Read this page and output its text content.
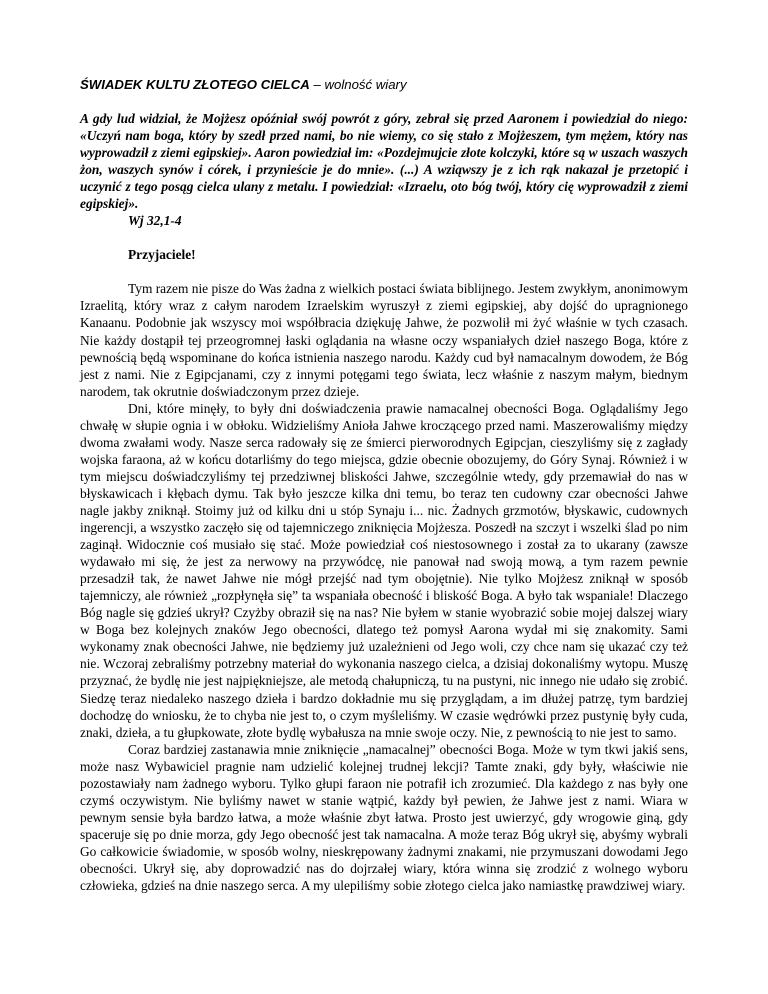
ŚWIADEK KULTU ZŁOTEGO CIELCA – wolność wiary

A gdy lud widział, że Mojżesz opóźniał swój powrót z góry, zebrał się przed Aaronem i powiedział do niego: «Uczyń nam boga, który by szedł przed nami, bo nie wiemy, co się stało z Mojżeszem, tym mężem, który nas wyprowadził z ziemi egipskiej». Aaron powiedział im: «Pozdejmujcie złote kolczyki, które są w uszach waszych żon, waszych synów i córek, i przynieście je do mnie». (...) A wziąwszy je z ich rąk nakazał je przetopić i uczynić z tego posąg cielca ulany z metalu. I powiedział: «Izraelu, oto bóg twój, który cię wyprowadził z ziemi egipskiej».

Wj 32,1-4

Przyjaciele!

Tym razem nie pisze do Was żadna z wielkich postaci świata biblijnego. Jestem zwykłym, anonimowym Izraelitą, który wraz z całym narodem Izraelskim wyruszył z ziemi egipskiej, aby dojść do upragnionego Kanaanu. Podobnie jak wszyscy moi współbracia dziękuję Jahwe, że pozwolił mi żyć właśnie w tych czasach. Nie każdy dostąpił tej przeogromnej łaski oglądania na własne oczy wspaniałych dzieł naszego Boga, które z pewnością będą wspominane do końca istnienia naszego narodu. Każdy cud był namacalnym dowodem, że Bóg jest z nami. Nie z Egipcjanami, czy z innymi potęgami tego świata, lecz właśnie z naszym małym, biednym narodem, tak okrutnie doświadczonym przez dzieje.

Dni, które minęły, to były dni doświadczenia prawie namacalnej obecności Boga. Oglądaliśmy Jego chwałę w słupie ognia i w obłoku. Widzieliśmy Anioła Jahwe kroczącego przed nami. Maszerowaliśmy między dwoma zwałami wody. Nasze serca radowały się ze śmierci pierworodnych Egipcjan, cieszyliśmy się z zagłady wojska faraona, aż w końcu dotarliśmy do tego miejsca, gdzie obecnie obozujemy, do Góry Synaj. Również i w tym miejscu doświadczyliśmy tej przedziwnej bliskości Jahwe, szczególnie wtedy, gdy przemawiał do nas w błyskawicach i kłębach dymu. Tak było jeszcze kilka dni temu, bo teraz ten cudowny czar obecności Jahwe nagle jakby zniknął. Stoimy już od kilku dni u stóp Synaju i... nic. Żadnych grzmotów, błyskawic, cudownych ingerencji, a wszystko zaczęło się od tajemniczego zniknięcia Mojżesza. Poszedł na szczyt i wszelki ślad po nim zaginął. Widocznie coś musiało się stać. Może powiedział coś niestosownego i został za to ukarany (zawsze wydawało mi się, że jest za nerwowy na przywódcę, nie panował nad swoją mową, a tym razem pewnie przesadził tak, że nawet Jahwe nie mógł przejść nad tym obojętnie). Nie tylko Mojżesz zniknął w sposób tajemniczy, ale również „rozpłynęła się” ta wspaniała obecność i bliskość Boga. A było tak wspaniale! Dlaczego Bóg nagle się gdzieś ukrył? Czyżby obraził się na nas? Nie byłem w stanie wyobrazić sobie mojej dalszej wiary w Boga bez kolejnych znaków Jego obecności, dlatego też pomysł Aarona wydał mi się znakomity. Sami wykonamy znak obecności Jahwe, nie będziemy już uzależnieni od Jego woli, czy chce nam się ukazać czy też nie. Wczoraj zebraliśmy potrzebny materiał do wykonania naszego cielca, a dzisiaj dokonaliśmy wytopu. Muszę przyznać, że bydlę nie jest najpiękniejsze, ale metodą chałupniczą, tu na pustyni, nic innego nie udało się zrobić. Siedzę teraz niedaleko naszego dzieła i bardzo dokładnie mu się przyglądam, a im dłużej patrzę, tym bardziej dochodzę do wniosku, że to chyba nie jest to, o czym myśleliśmy. W czasie wędrówki przez pustynię były cuda, znaki, dzieła, a tu głupkowate, złote bydlę wybałusza na mnie swoje oczy. Nie, z pewnością to nie jest to samo.

Coraz bardziej zastanawia mnie zniknięcie „namacalnej” obecności Boga. Może w tym tkwi jakiś sens, może nasz Wybawiciel pragnie nam udzielić kolejnej trudnej lekcji? Tamte znaki, gdy były, właściwie nie pozostawiały nam żadnego wyboru. Tylko głupi faraon nie potrafił ich zrozumieć. Dla każdego z nas były one czymś oczywistym. Nie byliśmy nawet w stanie wątpić, każdy był pewien, że Jahwe jest z nami. Wiara w pewnym sensie była bardzo łatwa, a może właśnie zbyt łatwa. Prosto jest uwierzyć, gdy wrogowie giną, gdy spaceruje się po dnie morza, gdy Jego obecność jest tak namacalna. A może teraz Bóg ukrył się, abyśmy wybrali Go całkowicie świadomie, w sposób wolny, nieskrępowany żadnymi znakami, nie przymuszani dowodami Jego obecności. Ukrył się, aby doprowadzić nas do dojrzałej wiary, która winna się zrodzić z wolnego wyboru człowieka, gdzieś na dnie naszego serca. A my ulepiliśmy sobie złotego cielca jako namiastkę prawdziwej wiary.
